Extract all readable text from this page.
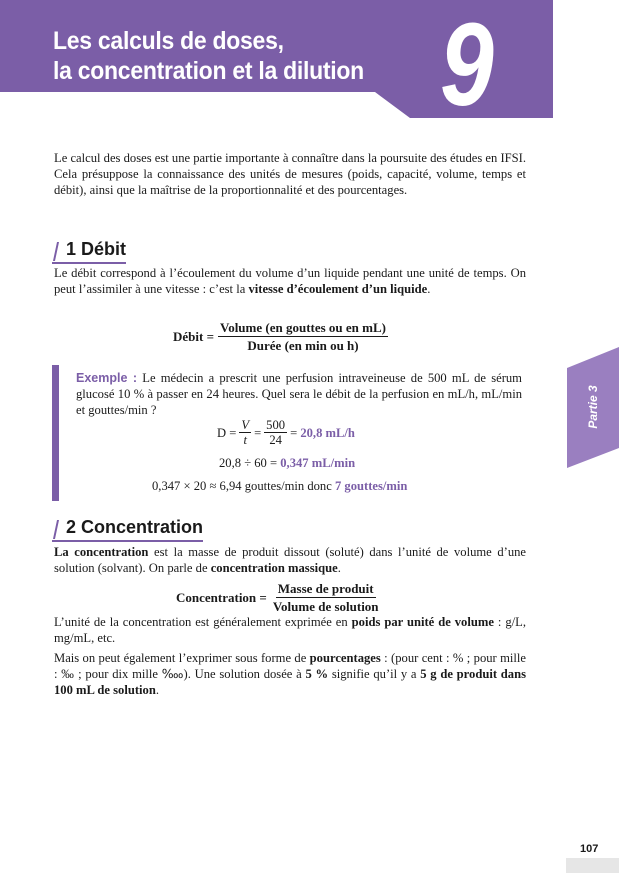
Les calculs de doses,
la concentration et la dilution 9
Partie 3

Le calcul des doses est une partie importante à connaître dans la poursuite des études en IFSI. Cela présuppose la connaissance des unités de mesures (poids, capacité, volume, temps et débit), ainsi que la maîtrise de la proportionnalité et des pourcentages.

1 Débit

Le débit correspond à l’écoulement du volume d’un liquide pendant une unité de temps. On peut l’assimiler à une vitesse : c’est la vitesse d’écoulement d’un liquide.

Débit = $\frac{\text{Volume (en gouttes ou en mL)}}{\text{Durée (en min ou h)}}$

Exemple : Le médecin a prescrit une perfusion intraveineuse de 500 mL de sérum glucosé 10 % à passer en 24 heures. Quel sera le débit de la perfusion en mL/h, mL/min et gouttes/min ?

$D = \frac{V}{t} = \frac{500}{24}$ =
20,8 mL/h
20,8 ÷ 60 =
0,347 mL/min
0,347 × 20 ≈ 6,94 gouttes/min donc
7 gouttes/min
2 Concentration

La concentration est la masse de produit dissout (soluté) dans l’unité de volume d’une solution (solvant). On parle de concentration massique.

Concentration = $\frac{\text{Masse de produit}}{\text{Volume de solution}}$

L’unité de la concentration est généralement exprimée en poids par unité de volume : g/L, mg/mL, etc.

Mais on peut également l’exprimer sous forme de pourcentages : (pour cent : % ; pour mille : ‰ ; pour dix mille ‱). Une solution dosée à 5 % signifie qu’il y a 5 g de produit dans 100 mL de solution.

107
